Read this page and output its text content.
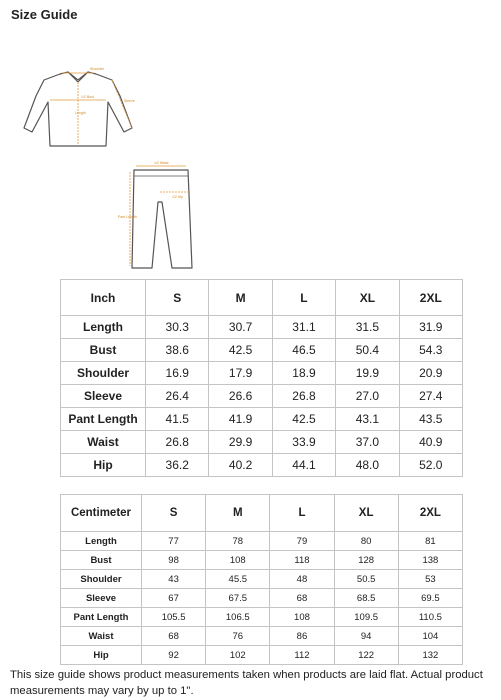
Size Guide
Shoulder
1/2 Bust
Length
Sleeve
1/2 Waist
1/2 Hip
Pant Length
Inch	S	M	L	XL	2XL
Length	30.3	30.7	31.1	31.5	31.9
Bust	38.6	42.5	46.5	50.4	54.3
Shoulder	16.9	17.9	18.9	19.9	20.9
Sleeve	26.4	26.6	26.8	27.0	27.4
Pant Length	41.5	41.9	42.5	43.1	43.5
Waist	26.8	29.9	33.9	37.0	40.9
Hip	36.2	40.2	44.1	48.0	52.0
Centimeter	S	M	L	XL	2XL
Length	77	78	79	80	81
Bust	98	108	118	128	138
Shoulder	43	45.5	48	50.5	53
Sleeve	67	67.5	68	68.5	69.5
Pant Length	105.5	106.5	108	109.5	110.5
Waist	68	76	86	94	104
Hip	92	102	112	122	132
This size guide shows product measurements taken when products are laid flat. Actual product measurements may vary by up to 1".
